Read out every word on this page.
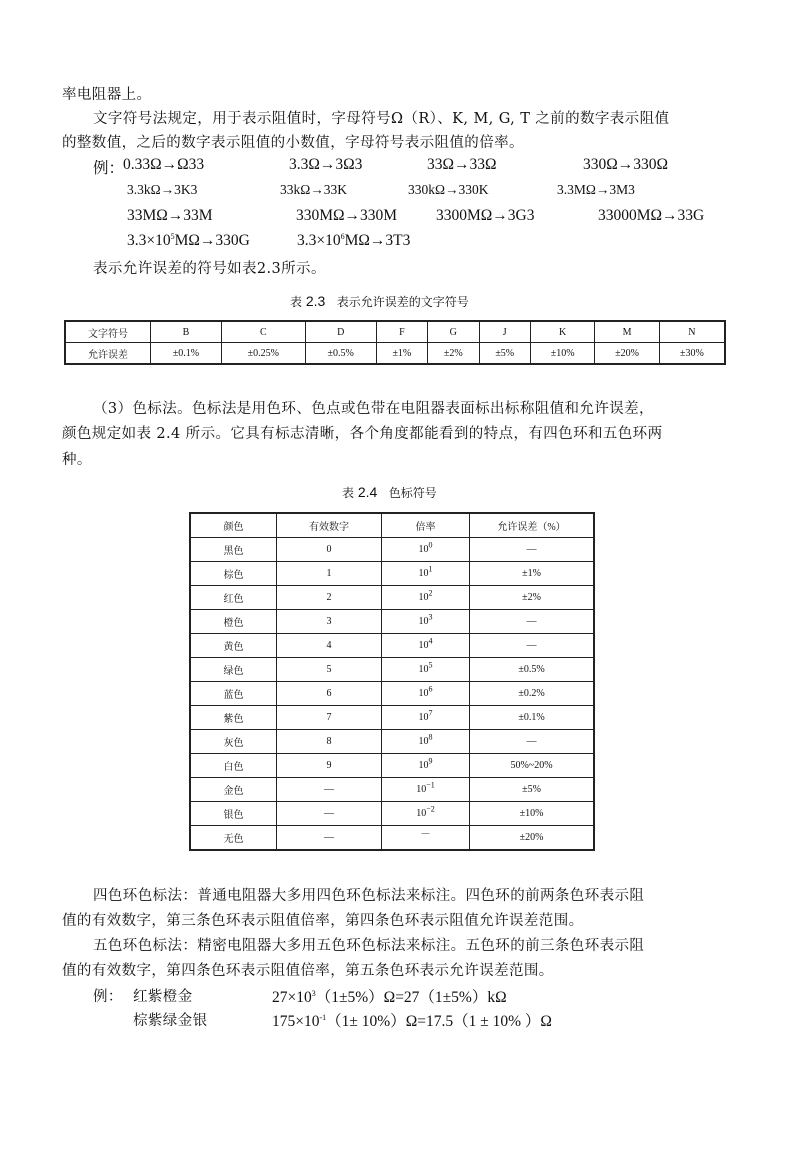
率电阻器上。
文字符号法规定，用于表示阻值时，字母符号Ω（R）、K, M, G, T 之前的数字表示阻值
的整数值，之后的数字表示阻值的小数值，字母符号表示阻值的倍率。
例：
0.33Ω→Ω33	3.3Ω→3Ω3	33Ω→33Ω	330Ω→330Ω
3.3kΩ→3K3	33kΩ→33K	330kΩ→330K	3.3MΩ→3M3
33MΩ→33M	330MΩ→330M	3300MΩ→3G3	33000MΩ→33G
$3.3\times 10^5M\Omega\to 330G$	$3.3\times 10^6M\Omega\to 3T3$
表示允许误差的符号如表2.3所示。
表 2.3 表示允许误差的文字符号
文字符号	B	C	D	F	G	J	K	M	N
允许误差	±0.1%	±0.25%	±0.5%	±1%	±2%	±5%	±10%	±20%	±30%
（3）色标法。色标法是用色环、色点或色带在电阻器表面标出标称阻值和允许误差，
颜色规定如表 2.4 所示。它具有标志清晰，各个角度都能看到的特点，有四色环和五色环两
种。
表 2.4 色标符号
颜色	有效数字	倍率	允许误差（%）
黑色	0	$10^0$	—
棕色	1	$10^1$	±1%
红色	2	$10^2$	±2%
橙色	3	$10^3$	—
黄色	4	$10^4$	—
绿色	5	$10^5$	±0.5%
蓝色	6	$10^6$	±0.2%
紫色	7	$10^7$	±0.1%
灰色	8	$10^8$	—
白色	9	$10^9$	50%~20%
金色	—	$10^{-1}$	±5%
银色	—	$10^{-2}$	±10%
无色	—	—	±20%
四色环色标法：普通电阻器大多用四色环色标法来标注。四色环的前两条色环表示阻
值的有效数字，第三条色环表示阻值倍率，第四条色环表示阻值允许误差范围。
五色环色标法：精密电阻器大多用五色环色标法来标注。五色环的前三条色环表示阻
值的有效数字，第四条色环表示阻值倍率，第五条色环表示允许误差范围。
例： 红紫橙金	$27\times 10^3(1\pm 5\%)\Omega=27(1\pm 5\%)k\Omega$
棕紫绿金银	$175\times 10^{-1}(1\pm 10\%)\Omega=17.5(1 \pm 10\%$ ）Ω
